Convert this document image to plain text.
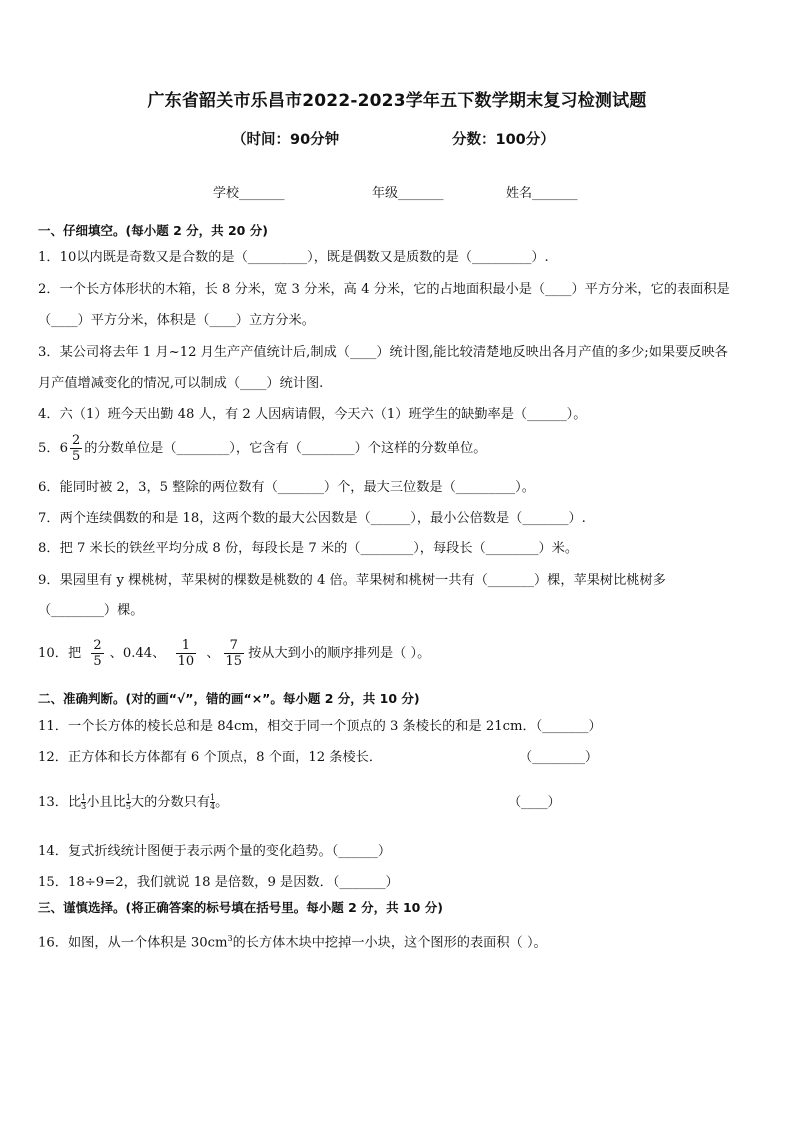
广东省韶关市乐昌市2022-2023学年五下数学期末复习检测试题
（时间：90分钟	分数：100分）
学校_______	年级_______	姓名_______
一、仔细填空。(每小题 2 分，共 20 分)
1．10以内既是奇数又是合数的是（_________），既是偶数又是质数的是（_________）.
2．一个长方体形状的木箱，长 8 分米，宽 3 分米，高 4 分米，它的占地面积最小是（____）平方分米，它的表面积是
（____）平方分米，体积是（____）立方分米。
3．某公司将去年 1 月~12 月生产产值统计后,制成（____）统计图,能比较清楚地反映出各月产值的多少;如果要反映各
月产值增减变化的情况,可以制成（____）统计图.
4．六（1）班今天出勤 48 人，有 2 人因病请假，今天六（1）班学生的缺勤率是（______）。
5． $6 \frac{2}{5}$ 的分数单位是（________），它含有（________）个这样的分数单位。
6．能同时被 2，3，5 整除的两位数有（_______）个，最大三位数是（_________）。
7．两个连续偶数的和是 18，这两个数的最大公因数是（______），最小公倍数是（_______）.
8．把 7 米长的铁丝平均分成 8 份，每段长是 7 米的（________），每段长（________）米。
9．果园里有 y 棵桃树，苹果树的棵数是桃数的 4 倍。苹果树和桃树一共有（_______）棵，苹果树比桃树多
（________）棵。
10．把 $\frac{2}{5}$ 、0.44、 $\frac{1}{10}$ 、 $\frac{7}{15}$ 按从大到小的顺序排列是（ ）。
二、准确判断。(对的画“√”，错的画“×”。每小题 2 分，共 10 分)
11．一个长方体的棱长总和是 84cm，相交于同一个顶点的 3 条棱长的和是 21cm．（_______）
12．正方体和长方体都有 6 个顶点，8 个面，12 条棱长．	（________）
13．比 $\frac{1}{3}$ 小且比 $\frac{1}{5}$ 大的分数只有 $\frac{1}{4}$ 。	（____）
14．复式折线统计图便于表示两个量的变化趋势。（______）
15．18÷9=2，我们就说 18 是倍数，9 是因数．（_______）
三、谨慎选择。(将正确答案的标号填在括号里。每小题 2 分，共 10 分)
16．如图，从一个体积是 $30cm^3$的长方体木块中挖掉一小块，这个图形的表面积（ ）。
